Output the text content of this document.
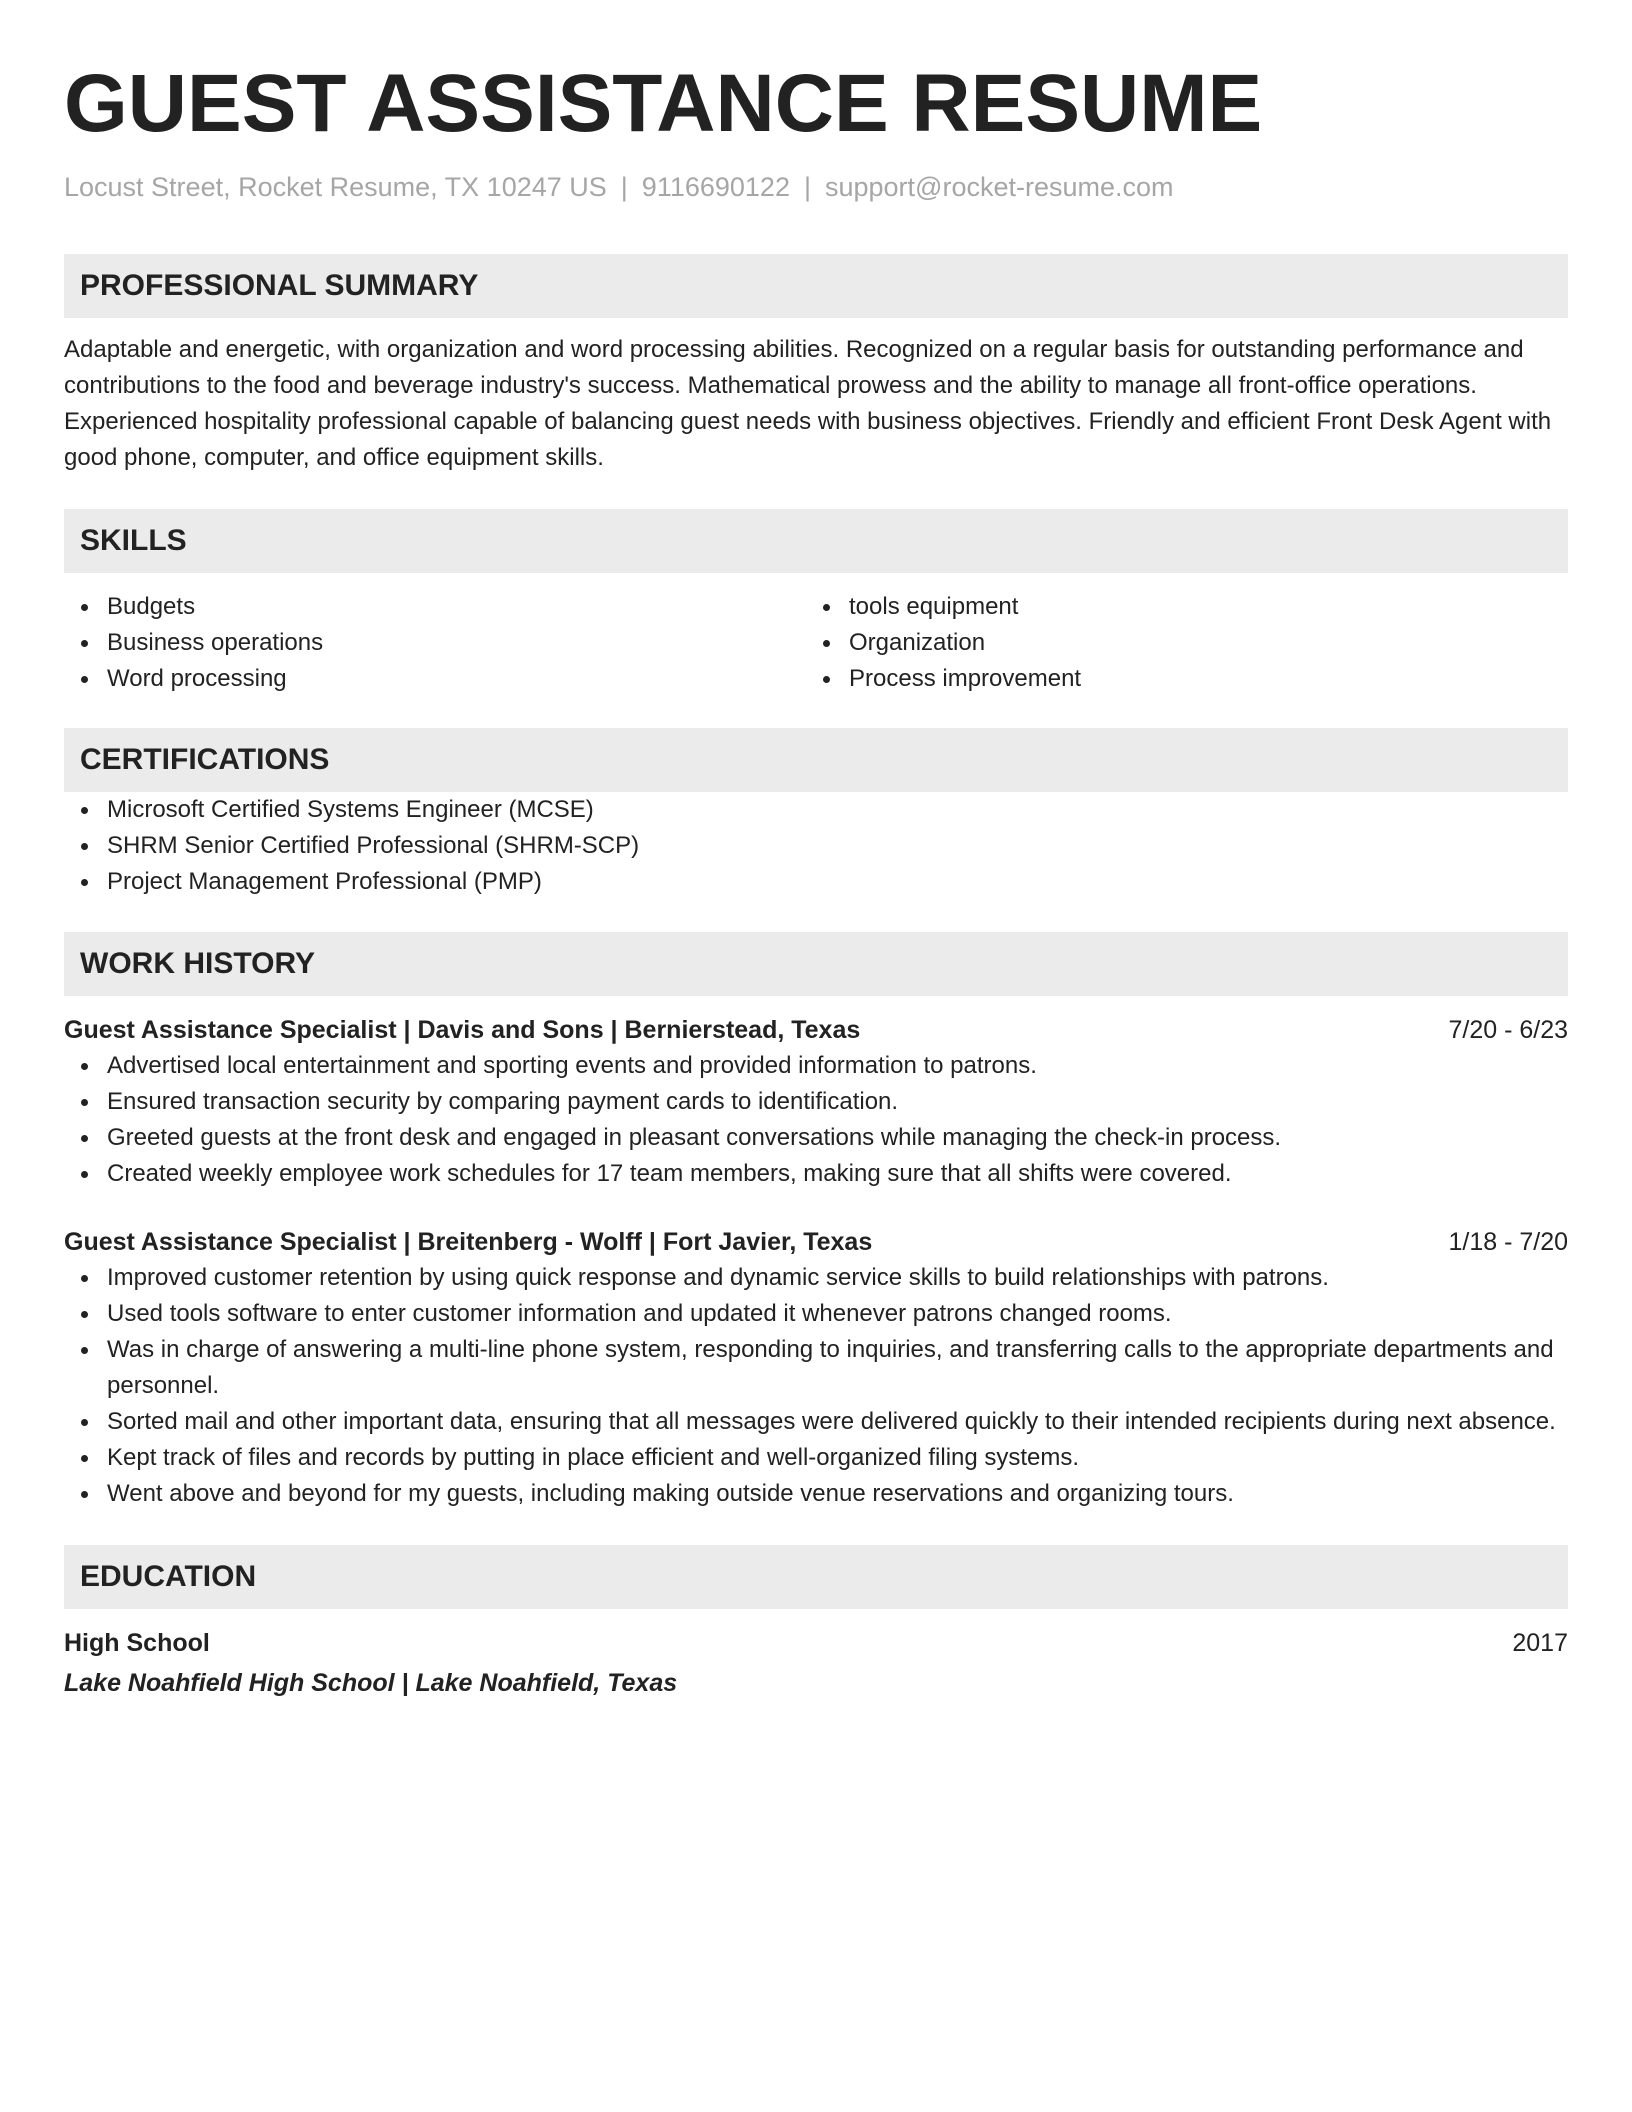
GUEST ASSISTANCE RESUME
Locust Street, Rocket Resume, TX 10247 US | 9116690122 | support@rocket-resume.com
PROFESSIONAL SUMMARY
Adaptable and energetic, with organization and word processing abilities. Recognized on a regular basis for outstanding performance and contributions to the food and beverage industry's success. Mathematical prowess and the ability to manage all front-office operations. Experienced hospitality professional capable of balancing guest needs with business objectives. Friendly and efficient Front Desk Agent with good phone, computer, and office equipment skills.
SKILLS
Budgets
Business operations
Word processing
tools equipment
Organization
Process improvement
CERTIFICATIONS
Microsoft Certified Systems Engineer (MCSE)
SHRM Senior Certified Professional (SHRM-SCP)
Project Management Professional (PMP)
WORK HISTORY
Guest Assistance Specialist | Davis and Sons | Bernierstead, Texas	7/20 - 6/23
Advertised local entertainment and sporting events and provided information to patrons.
Ensured transaction security by comparing payment cards to identification.
Greeted guests at the front desk and engaged in pleasant conversations while managing the check-in process.
Created weekly employee work schedules for 17 team members, making sure that all shifts were covered.
Guest Assistance Specialist | Breitenberg - Wolff | Fort Javier, Texas	1/18 - 7/20
Improved customer retention by using quick response and dynamic service skills to build relationships with patrons.
Used tools software to enter customer information and updated it whenever patrons changed rooms.
Was in charge of answering a multi-line phone system, responding to inquiries, and transferring calls to the appropriate departments and personnel.
Sorted mail and other important data, ensuring that all messages were delivered quickly to their intended recipients during next absence.
Kept track of files and records by putting in place efficient and well-organized filing systems.
Went above and beyond for my guests, including making outside venue reservations and organizing tours.
EDUCATION
High School	2017
Lake Noahfield High School | Lake Noahfield, Texas
